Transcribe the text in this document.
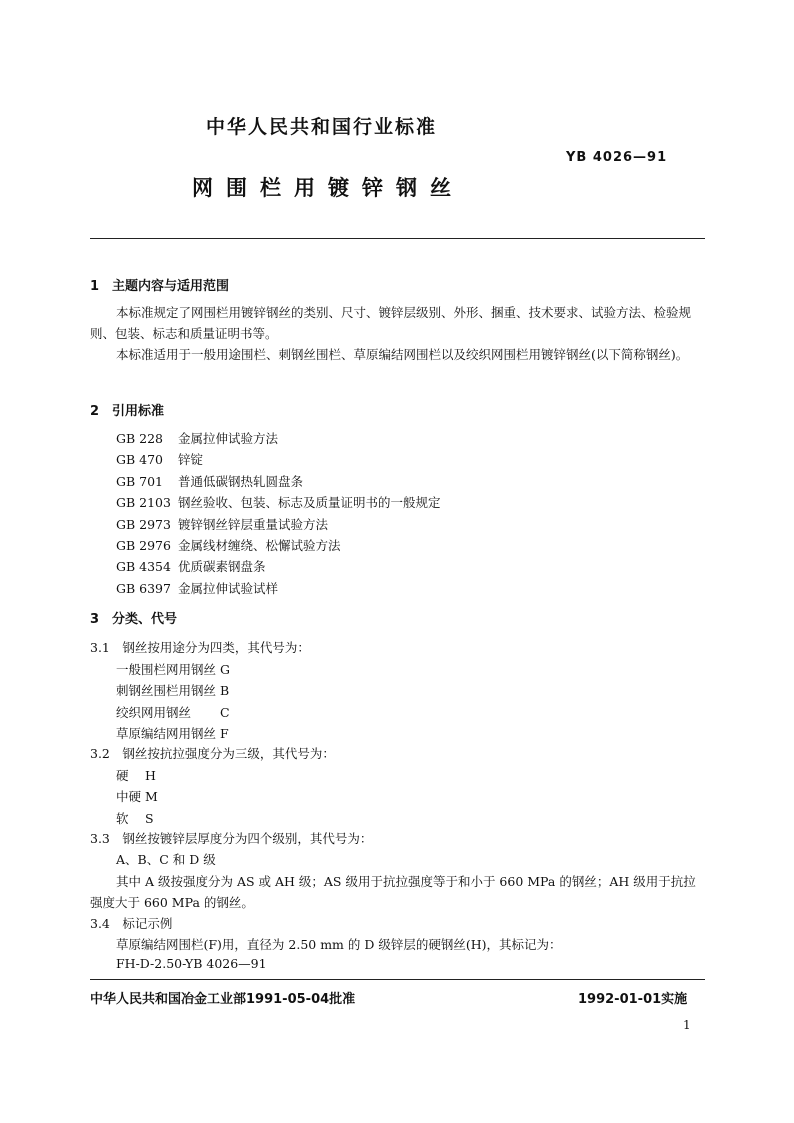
中华人民共和国行业标准
YB 4026—91
网围栏用镀锌钢丝
1　主题内容与适用范围
本标准规定了网围栏用镀锌钢丝的类别、尺寸、镀锌层级别、外形、捆重、技术要求、试验方法、检验规则、包装、标志和质量证明书等。
本标准适用于一般用途围栏、刺钢丝围栏、草原编结网围栏以及绞织网围栏用镀锌钢丝(以下简称钢丝)。
2　引用标准
GB 228 金属拉伸试验方法
GB 470 锌锭
GB 701 普通低碳钢热轧圆盘条
GB 2103 钢丝验收、包装、标志及质量证明书的一般规定
GB 2973 镀锌钢丝锌层重量试验方法
GB 2976 金属线材缠绕、松懈试验方法
GB 4354 优质碳素钢盘条
GB 6397 金属拉伸试验试样
3　分类、代号
3.1　钢丝按用途分为四类，其代号为：
一般围栏网用钢丝 G
刺钢丝围栏用钢丝 B
绞织网用钢丝　　 C
草原编结网用钢丝 F
3.2　钢丝按抗拉强度分为三级，其代号为：
硬　 H
中硬 M
软　 S
3.3　钢丝按镀锌层厚度分为四个级别，其代号为：
A、B、C 和 D 级
其中 A 级按强度分为 AS 或 AH 级；AS 级用于抗拉强度等于和小于 660 MPa 的钢丝；AH 级用于抗拉强度大于 660 MPa 的钢丝。
3.4　标记示例
草原编结网围栏(F)用，直径为 2.50 mm 的 D 级锌层的硬钢丝(H)，其标记为：
FH-D-2.50-YB 4026—91
中华人民共和国冶金工业部1991-05-04批准	1992-01-01实施
1
